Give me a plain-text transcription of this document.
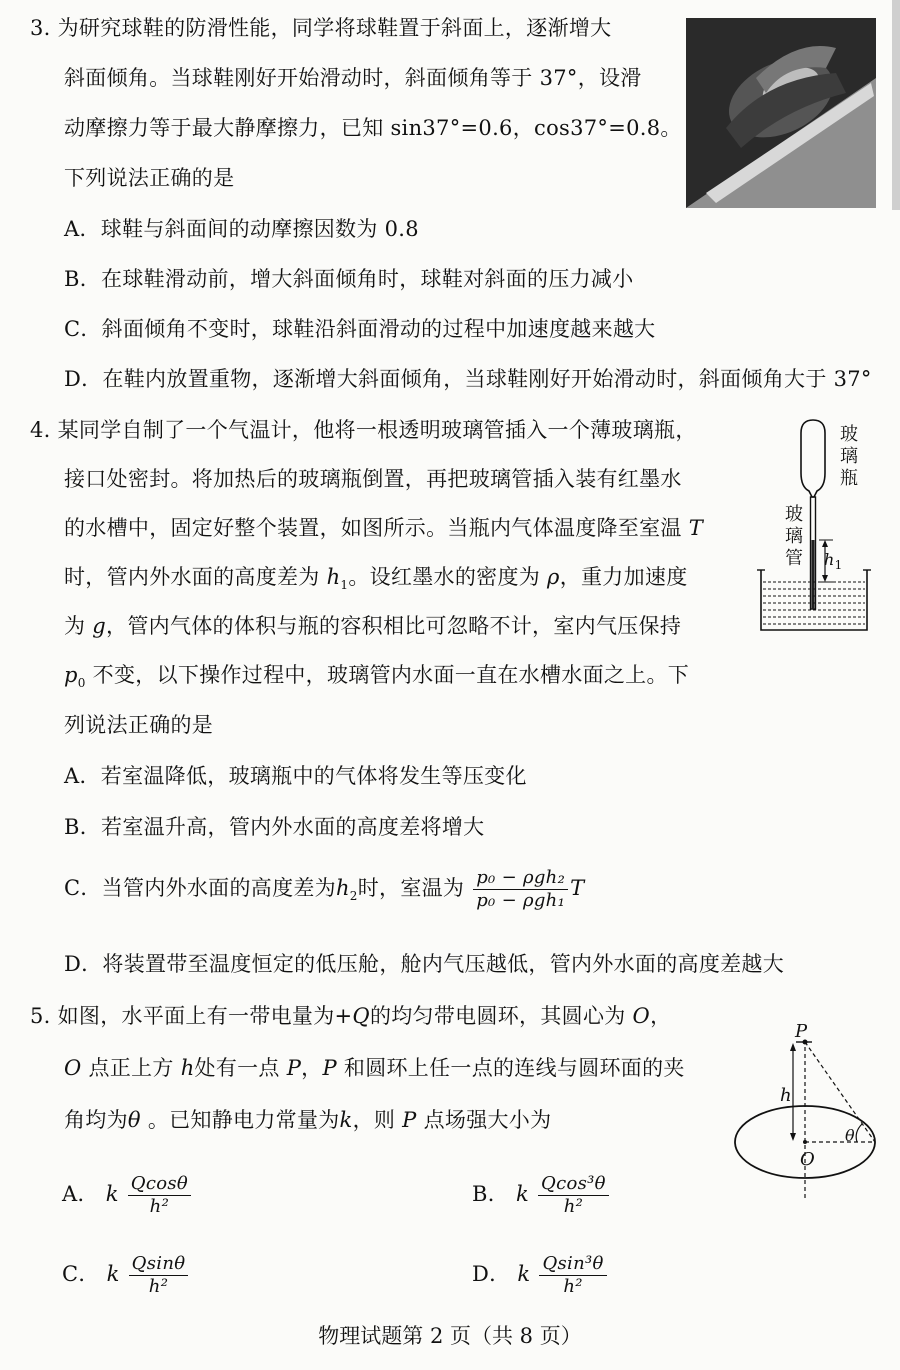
3. 为研究球鞋的防滑性能，同学将球鞋置于斜面上，逐渐增大
斜面倾角。当球鞋刚好开始滑动时，斜面倾角等于 37°，设滑
动摩擦力等于最大静摩擦力，已知 sin37°=0.6，cos37°=0.8。
下列说法正确的是
A．球鞋与斜面间的动摩擦因数为 0.8
B．在球鞋滑动前，增大斜面倾角时，球鞋对斜面的压力减小
C．斜面倾角不变时，球鞋沿斜面滑动的过程中加速度越来越大
D．在鞋内放置重物，逐渐增大斜面倾角，当球鞋刚好开始滑动时，斜面倾角大于 37°
4. 某同学自制了一个气温计，他将一根透明玻璃管插入一个薄玻璃瓶，
接口处密封。将加热后的玻璃瓶倒置，再把玻璃管插入装有红墨水
的水槽中，固定好整个装置，如图所示。当瓶内气体温度降至室温 T
时，管内外水面的高度差为 $h_1$。设红墨水的密度为 ρ，重力加速度
为 g，管内气体的体积与瓶的容积相比可忽略不计，室内气压保持
$p_0$ 不变，以下操作过程中，玻璃管内水面一直在水槽水面之上。下
列说法正确的是
A．若室温降低，玻璃瓶中的气体将发生等压变化
B．若室温升高，管内外水面的高度差将增大
C．当管内外水面的高度差为$h_2$时，室温为 $\frac{\text{p₀ − ρgh₂}}{\text{p₀ − ρgh₁}}$ T
D．将装置带至温度恒定的低压舱，舱内气压越低，管内外水面的高度差越大
玻璃瓶
玻璃管 $h_1$
5. 如图，水平面上有一带电量为+Q的均匀带电圆环，其圆心为 O，
O 点正上方 h处有一点 P，P 和圆环上任一点的连线与圆环面的夹
角均为θ 。已知静电力常量为k，则 P 点场强大小为
A． k $\frac{Qcos\theta}{\text{h²}}$	B． k $\frac{\text{Qcos³θ}}{\text{h²}}$
C． k $\frac{Qsin\theta}{\text{h²}}$	D． k $\frac{\text{Qsin³θ}}{\text{h²}}$
P
h
O
θ
物理试题第 2 页（共 8 页）
